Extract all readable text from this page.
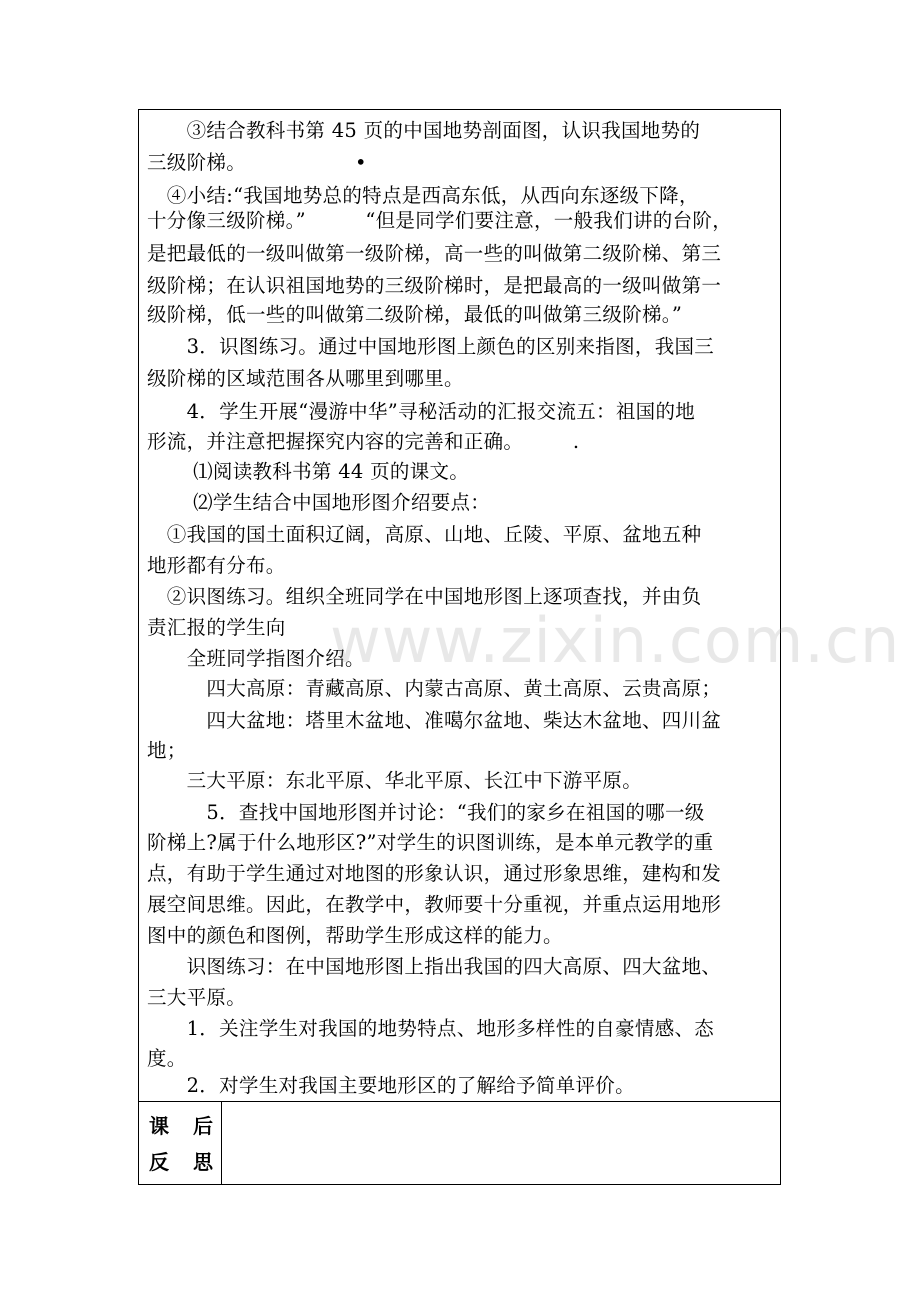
　　③结合教科书第 45 页的中国地势剖面图，认识我国地势的
三级阶梯。　　　　　　•
　④小结:“我国地势总的特点是西高东低，从西向东逐级下降，
十分像三级阶梯。”　　　“但是同学们要注意，一般我们讲的台阶，
是把最低的一级叫做第一级阶梯，高一些的叫做第二级阶梯、第三
级阶梯；在认识祖国地势的三级阶梯时，是把最高的一级叫做第一
级阶梯，低一些的叫做第二级阶梯，最低的叫做第三级阶梯。”
　　3．识图练习。通过中国地形图上颜色的区别来指图，我国三
级阶梯的区域范围各从哪里到哪里。
　　4．学生开展“漫游中华”寻秘活动的汇报交流五：祖国的地
形流，并注意把握探究内容的完善和正确。　　　.
　　 ⑴阅读教科书第 44 页的课文。
　　 ⑵学生结合中国地形图介绍要点：
　①我国的国土面积辽阔，高原、山地、丘陵、平原、盆地五种
地形都有分布。
　②识图练习。组织全班同学在中国地形图上逐项查找，并由负
责汇报的学生向
　　全班同学指图介绍。
　　　四大高原：青藏高原、内蒙古高原、黄土高原、云贵高原；
　　　四大盆地：塔里木盆地、准噶尔盆地、柴达木盆地、四川盆
地；
　　三大平原：东北平原、华北平原、长江中下游平原。
　　　5．查找中国地形图并讨论：“我们的家乡在祖国的哪一级
阶梯上?属于什么地形区?”对学生的识图训练，是本单元教学的重
点，有助于学生通过对地图的形象认识，通过形象思维，建构和发
展空间思维。因此，在教学中，教师要十分重视，并重点运用地形
图中的颜色和图例，帮助学生形成这样的能力。
　　识图练习：在中国地形图上指出我国的四大高原、四大盆地、
三大平原。
　　1．关注学生对我国的地势特点、地形多样性的自豪情感、态
度。
　　2．对学生对我国主要地形区的了解给予简单评价。
课 后
反 思
www.zixin.com.cn
